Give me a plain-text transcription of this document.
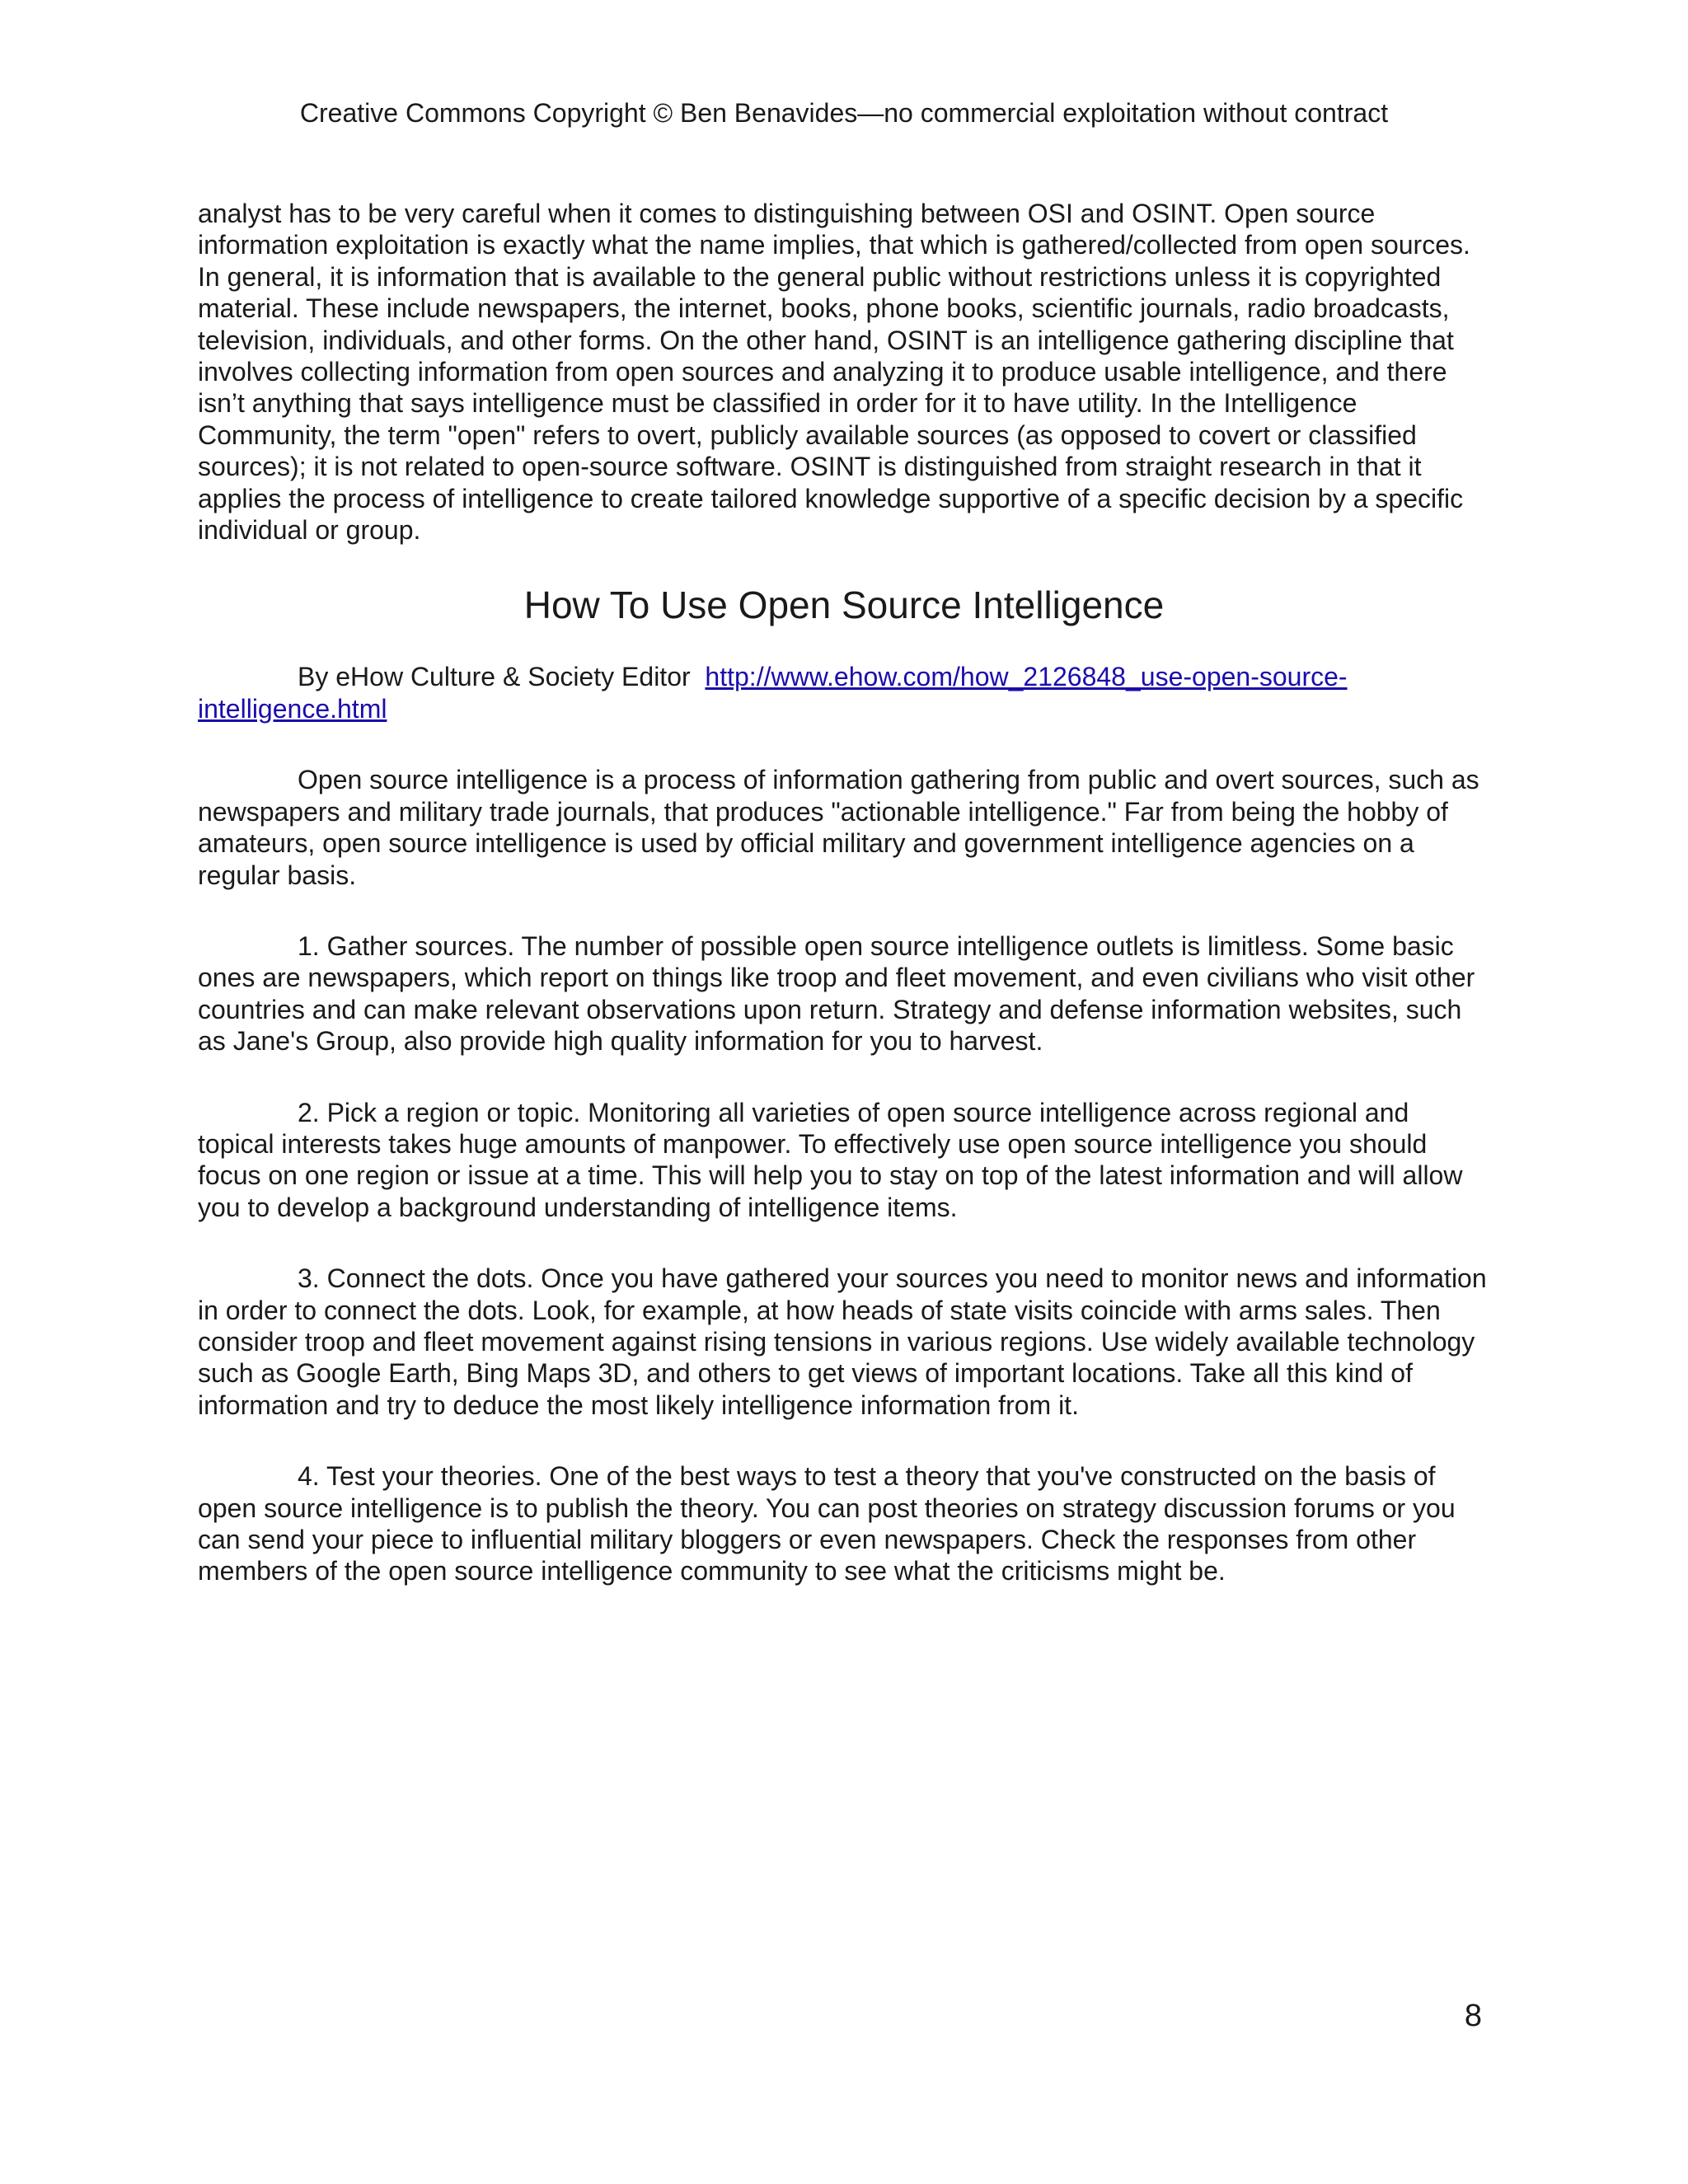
Creative Commons Copyright © Ben Benavides—no commercial exploitation without contract

analyst has to be very careful when it comes to distinguishing between OSI and OSINT. Open source information exploitation is exactly what the name implies, that which is gathered/collected from open sources. In general, it is information that is available to the general public without restrictions unless it is copyrighted material. These include newspapers, the internet, books, phone books, scientific journals, radio broadcasts, television, individuals, and other forms. On the other hand, OSINT is an intelligence gathering discipline that involves collecting information from open sources and analyzing it to produce usable intelligence, and there isn’t anything that says intelligence must be classified in order for it to have utility. In the Intelligence Community, the term "open" refers to overt, publicly available sources (as opposed to covert or classified sources); it is not related to open-source software. OSINT is distinguished from straight research in that it applies the process of intelligence to create tailored knowledge supportive of a specific decision by a specific individual or group.

How To Use Open Source Intelligence

By eHow Culture & Society Editor http://www.ehow.com/how_2126848_use-open-source-intelligence.html

Open source intelligence is a process of information gathering from public and overt sources, such as newspapers and military trade journals, that produces "actionable intelligence." Far from being the hobby of amateurs, open source intelligence is used by official military and government intelligence agencies on a regular basis.

1. Gather sources. The number of possible open source intelligence outlets is limitless. Some basic ones are newspapers, which report on things like troop and fleet movement, and even civilians who visit other countries and can make relevant observations upon return. Strategy and defense information websites, such as Jane's Group, also provide high quality information for you to harvest.

2. Pick a region or topic. Monitoring all varieties of open source intelligence across regional and topical interests takes huge amounts of manpower. To effectively use open source intelligence you should focus on one region or issue at a time. This will help you to stay on top of the latest information and will allow you to develop a background understanding of intelligence items.

3. Connect the dots. Once you have gathered your sources you need to monitor news and information in order to connect the dots. Look, for example, at how heads of state visits coincide with arms sales. Then consider troop and fleet movement against rising tensions in various regions. Use widely available technology such as Google Earth, Bing Maps 3D, and others to get views of important locations. Take all this kind of information and try to deduce the most likely intelligence information from it.

4. Test your theories. One of the best ways to test a theory that you've constructed on the basis of open source intelligence is to publish the theory. You can post theories on strategy discussion forums or you can send your piece to influential military bloggers or even newspapers. Check the responses from other members of the open source intelligence community to see what the criticisms might be.

8
